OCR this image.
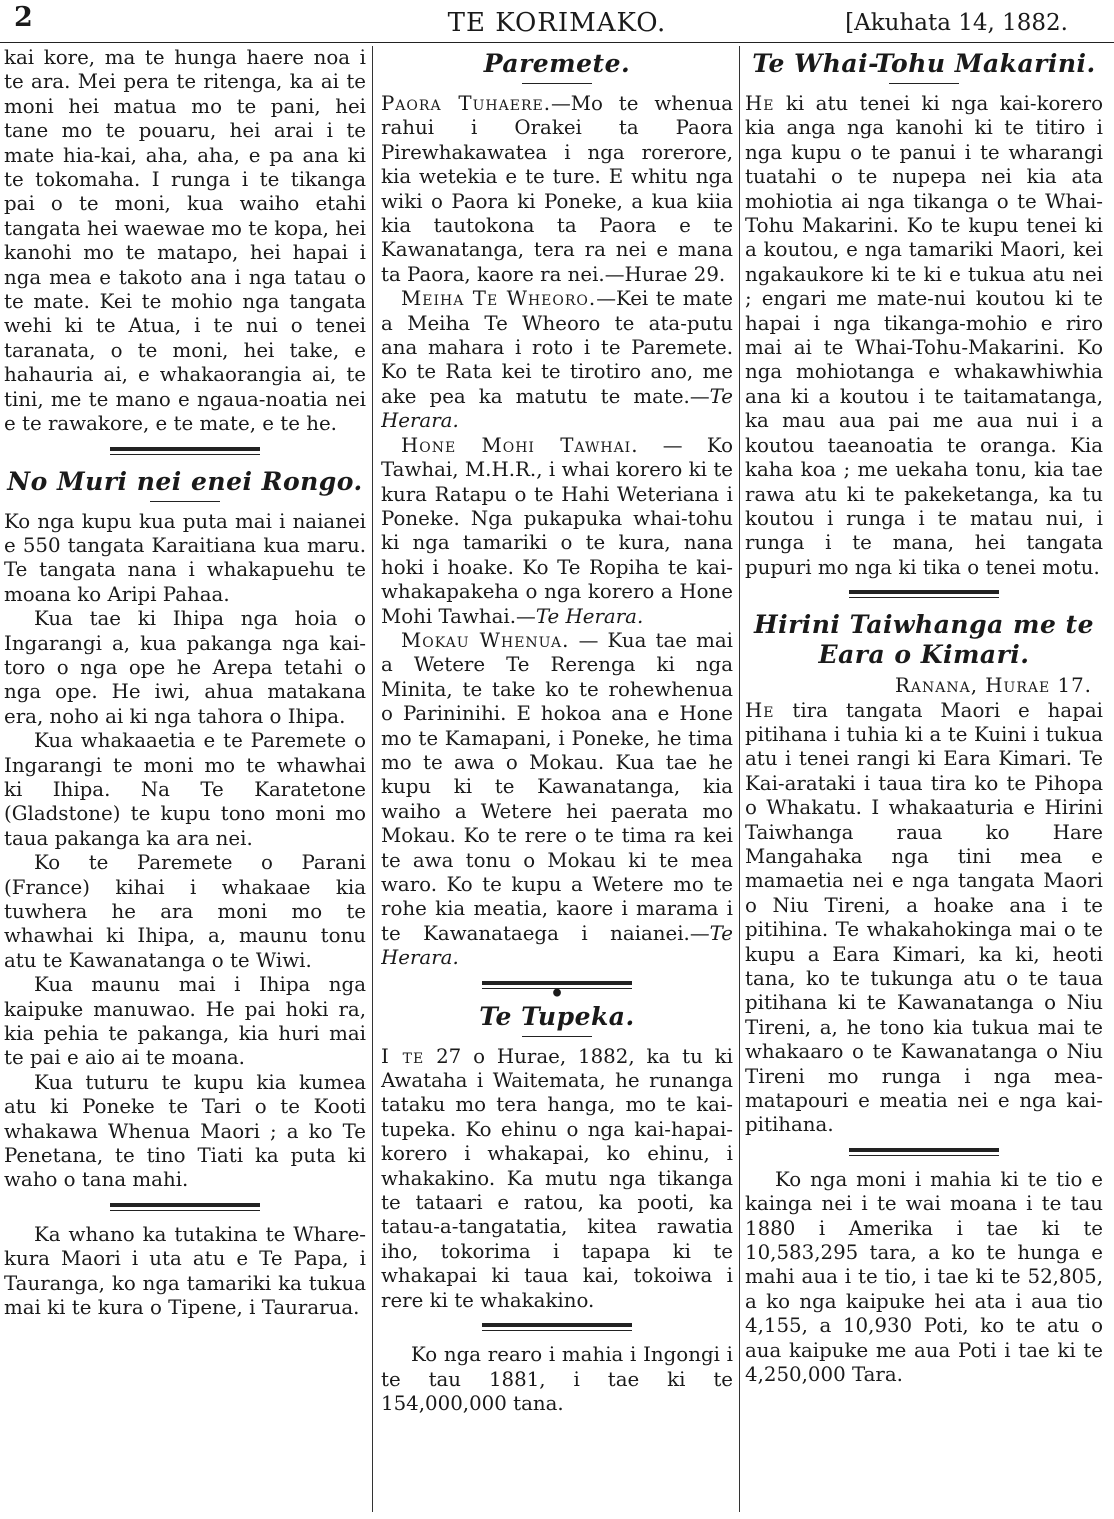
2	TE KORIMAKO.	[Akuhata 14, 1882.

kai kore, ma te hunga haere noa i te ara. Mei pera te ritenga, ka ai te moni hei matua mo te pani, hei tane mo te pouaru, hei arai i te mate hia-kai, aha, aha, e pa ana ki te tokomaha. I runga i te tikanga pai o te moni, kua waiho etahi tangata hei waewae mo te kopa, hei kanohi mo te matapo, hei hapai i nga mea e takoto ana i nga tatau o te mate. Kei te mohio nga tangata wehi ki te Atua, i te nui o tenei taranata, o te moni, hei take, e hahauria ai, e whakaorangia ai, te tini, me te mano e ngaua-noatia nei e te rawakore, e te mate, e te he.

No Muri nei enei Rongo.

Ko nga kupu kua puta mai i naianei e 550 tangata Karaitiana kua maru. Te tangata nana i whakapuehu te moana ko Aripi Pahaa.

Kua tae ki Ihipa nga hoia o Ingarangi a, kua pakanga nga kai-toro o nga ope he Arepa tetahi o nga ope. He iwi, ahua matakana era, noho ai ki nga tahora o Ihipa.

Kua whakaaetia e te Paremete o Ingarangi te moni mo te whawhai ki Ihipa. Na Te Karatetone (Gladstone) te kupu tono moni mo taua pakanga ka ara nei.

Ko te Paremete o Parani (France) kihai i whakaae kia tuwhera he ara moni mo te whawhai ki Ihipa, a, maunu tonu atu te Kawanatanga o te Wiwi.

Kua maunu mai i Ihipa nga kaipuke manuwao. He pai hoki ra, kia pehia te pakanga, kia huri mai te pai e aio ai te moana.

Kua tuturu te kupu kia kumea atu ki Poneke te Tari o te Kooti whakawa Whenua Maori ; a ko Te Penetana, te tino Tiati ka puta ki waho o tana mahi.

Ka whano ka tutakina te Whare-kura Maori i uta atu e Te Papa, i Tauranga, ko nga tamariki ka tukua mai ki te kura o Tipene, i Taurarua.

Paremete.

Paora Tuhaere.—Mo te whenua rahui i Orakei ta Paora Pirewhakawatea i nga rorerore, kia wetekia e te ture. E whitu nga wiki o Paora ki Poneke, a kua kiia kia tautokona ta Paora e te Kawanatanga, tera ra nei e mana ta Paora, kaore ra nei.—Hurae 29.

Meiha Te Wheoro.—Kei te mate a Meiha Te Wheoro te ata-putu ana mahara i roto i te Paremete. Ko te Rata kei te tirotiro ano, me ake pea ka matutu te mate.—Te Herara.

Hone Mohi Tawhai. — Ko Tawhai, M.H.R., i whai korero ki te kura Ratapu o te Hahi Weteriana i Poneke. Nga pukapuka whai-tohu ki nga tamariki o te kura, nana hoki i hoake. Ko Te Ropiha te kai-whakapakeha o nga korero a Hone Mohi Tawhai.—Te Herara.

Mokau Whenua. — Kua tae mai a Wetere Te Rerenga ki nga Minita, te take ko te rohewhenua o Parininihi. E hokoa ana e Hone mo te Kamapani, i Poneke, he tima mo te awa o Mokau. Kua tae he kupu ki te Kawanatanga, kia waiho a Wetere hei paerata mo Mokau. Ko te rere o te tima ra kei te awa tonu o Mokau ki te mea waro. Ko te kupu a Wetere mo te rohe kia meatia, kaore i marama i te Kawanataega i naianei.—Te Herara.

•
Te Tupeka.

I te 27 o Hurae, 1882, ka tu ki Awataha i Waitemata, he runanga tataku mo tera hanga, mo te kai-tupeka. Ko ehinu o nga kai-hapai-korero i whakapai, ko ehinu, i whakakino. Ka mutu nga tikanga te tataari e ratou, ka pooti, ka tatau-a-tangatatia, kitea rawatia iho, tokorima i tapapa ki te whakapai ki taua kai, tokoiwa i rere ki te whakakino.

Ko nga rearo i mahia i Ingongi i te tau 1881, i tae ki te 154,000,000 tana.

Te Whai-Tohu Makarini.

He ki atu tenei ki nga kai-korero kia anga nga kanohi ki te titiro i nga kupu o te panui i te wharangi tuatahi o te nupepa nei kia ata mohiotia ai nga tikanga o te Whai-Tohu Makarini. Ko te kupu tenei ki a koutou, e nga tamariki Maori, kei ngakaukore ki te ki e tukua atu nei ; engari me mate-nui koutou ki te hapai i nga tikanga-mohio e riro mai ai te Whai-Tohu-Makarini. Ko nga mohiotanga e whakawhiwhia ana ki a koutou i te taitamatanga, ka mau aua pai me aua nui i a koutou taeanoatia te oranga. Kia kaha koa ; me uekaha tonu, kia tae rawa atu ki te pakeketanga, ka tu koutou i runga i te matau nui, i runga i te mana, hei tangata pupuri mo nga ki tika o tenei motu.

Hirini Taiwhanga me te Eara o Kimari.

Ranana, Hurae 17.

He tira tangata Maori e hapai pitihana i tuhia ki a te Kuini i tukua atu i tenei rangi ki Eara Kimari. Te Kai-arataki i taua tira ko te Pihopa o Whakatu. I whakaaturia e Hirini Taiwhanga raua ko Hare Mangahaka nga tini mea e mamaetia nei e nga tangata Maori o Niu Tireni, a hoake ana i te pitihina. Te whakahokinga mai o te kupu a Eara Kimari, ka ki, heoti tana, ko te tukunga atu o te taua pitihana ki te Kawanatanga o Niu Tireni, a, he tono kia tukua mai te whakaaro o te Kawanatanga o Niu Tireni mo runga i nga mea-matapouri e meatia nei e nga kai-pitihana.

Ko nga moni i mahia ki te tio e kainga nei i te wai moana i te tau 1880 i Amerika i tae ki te 10,583,295 tara, a ko te hunga e mahi aua i te tio, i tae ki te 52,805, a ko nga kaipuke hei ata i aua tio 4,155, a 10,930 Poti, ko te atu o aua kaipuke me aua Poti i tae ki te 4,250,000 Tara.
